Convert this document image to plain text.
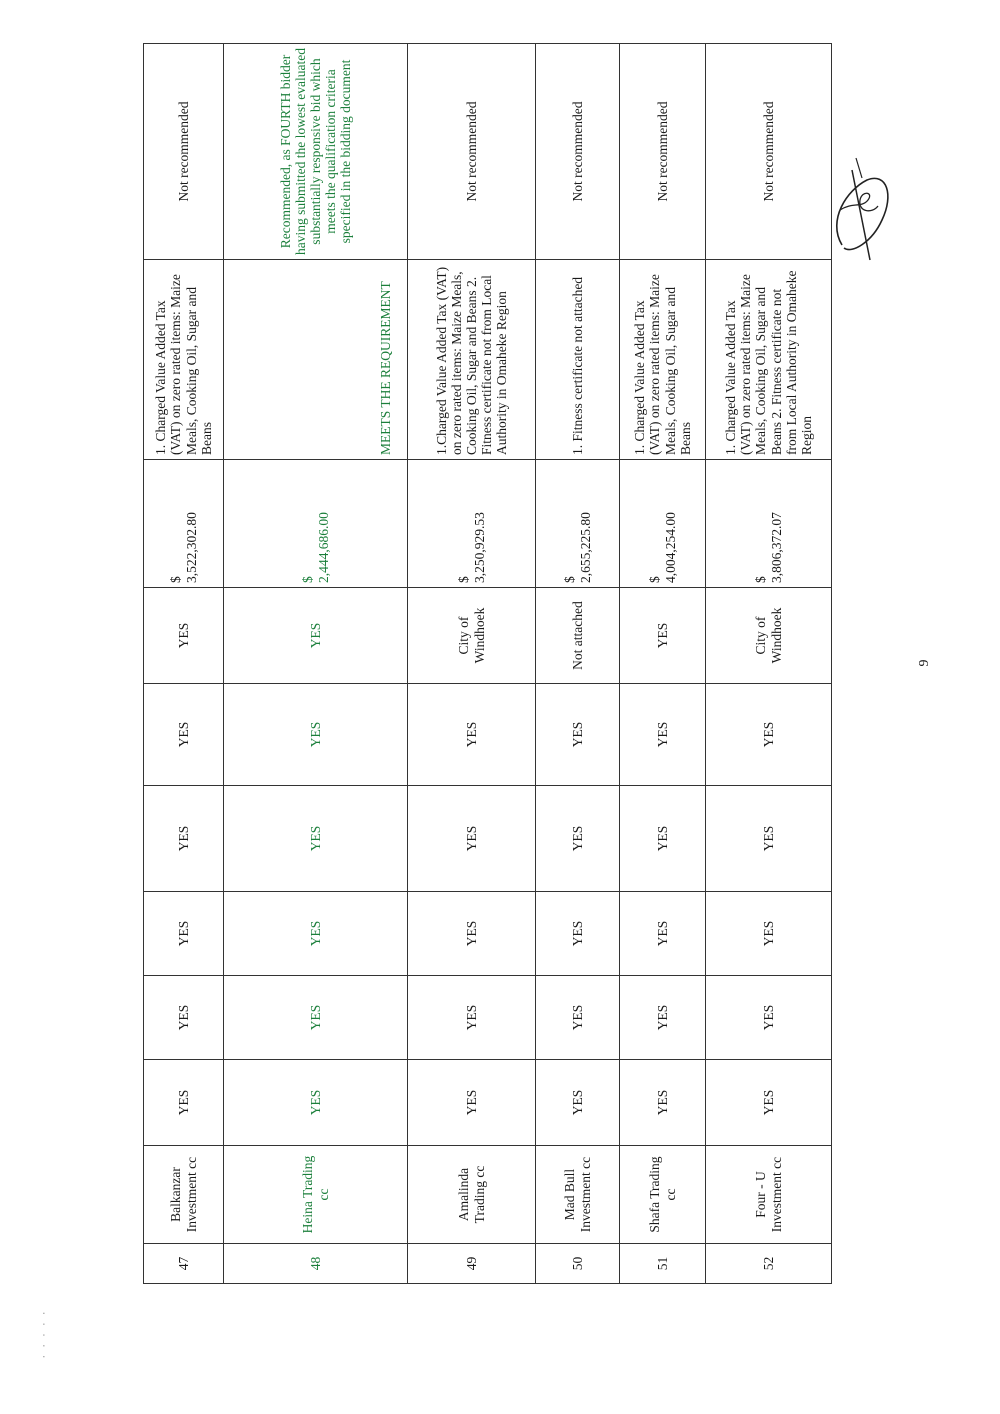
47	Balkanzar Investment cc	YES	YES	YES	YES	YES	YES	$ 3,522,302.80	1. Charged Value Added Tax (VAT) on zero rated items: Maize Meals, Cooking Oil, Sugar and Beans	Not recommended
48	Heina Trading cc	YES	YES	YES	YES	YES	YES	$ 2,444,686.00	MEETS THE REQUIREMENT	Recommended, as FOURTH bidder having submitted the lowest evaluated substantially responsive bid which meets the qualification criteria specified in the bidding document
49	Amalinda Trading cc	YES	YES	YES	YES	YES	City of Windhoek	$ 3,250,929.53	1.Charged Value Added Tax (VAT) on zero rated items: Maize Meals, Cooking Oil, Sugar and Beans 2. Fitness certificate not from Local Authority in Omaheke Region	Not recommended
50	Mad Bull Investment cc	YES	YES	YES	YES	YES	Not attached	$ 2,655,225.80	1. Fitness certificate not attached	Not recommended
51	Shafa Trading cc	YES	YES	YES	YES	YES	YES	$ 4,004,254.00	1. Charged Value Added Tax (VAT) on zero rated items: Maize Meals, Cooking Oil, Sugar and Beans	Not recommended
52	Four - U Investment cc	YES	YES	YES	YES	YES	City of Windhoek	$ 3,806,372.07	1. Charged Value Added Tax (VAT) on zero rated items: Maize Meals, Cooking Oil, Sugar and Beans 2. Fitness certificate not from Local Authority in Omaheke Region	Not recommended
9
. . . . .
